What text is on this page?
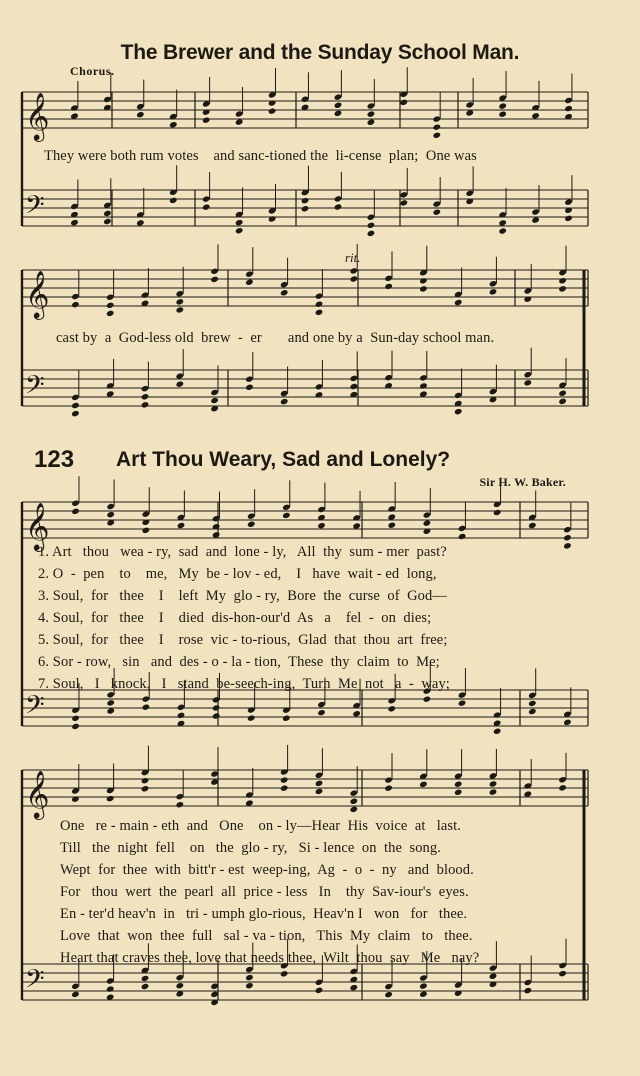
𝄞
𝄢
𝄞
𝄢
𝄞
𝄢
𝄞
𝄢
The Brewer and the Sunday School Man.
Chorus.
rit.
They were both rum votes    and sanc-tioned the  li-cense  plan;  One was
cast by  a  God-less old  brew  -  er       and one by a  Sun-day school man.
123 Art Thou Weary, Sad and Lonely?
Sir H. W. Baker.
1. Art   thou   wea - ry,  sad  and  lone - ly,   All  thy  sum - mer  past?
2. O  -  pen    to    me,   My  be - lov - ed,    I   have  wait - ed  long,
3. Soul,  for   thee    I    left  My  glo - ry,  Bore  the  curse  of  God—
4. Soul,  for   thee    I    died  dis-hon-our'd  As   a    fel  -  on  dies;
5. Soul,  for   thee    I    rose  vic - to-rious,  Glad  that  thou  art  free;
6. Sor - row,   sin   and  des - o - la - tion,  These  thy  claim  to  Me;
7. Soul,   I   knock,   I   stand  be-seech-ing,  Turn  Me  not   a  -  way;
One   re - main - eth  and   One    on - ly—Hear  His  voice  at   last.
Till   the  night  fell    on   the  glo - ry,   Si - lence  on  the  song.
Wept  for  thee  with  bitt'r - est  weep-ing,  Ag  -  o  -  ny   and  blood.
For   thou  wert  the  pearl  all  price - less   In    thy  Sav-iour's  eyes.
En - ter'd heav'n  in   tri - umph glo-rious,  Heav'n I   won   for   thee.
Love  that  won  thee  full   sal - va - tion,   This  My  claim   to   thee.
Heart that craves thee, love that needs thee,  Wilt  thou  say   Me   nay?
